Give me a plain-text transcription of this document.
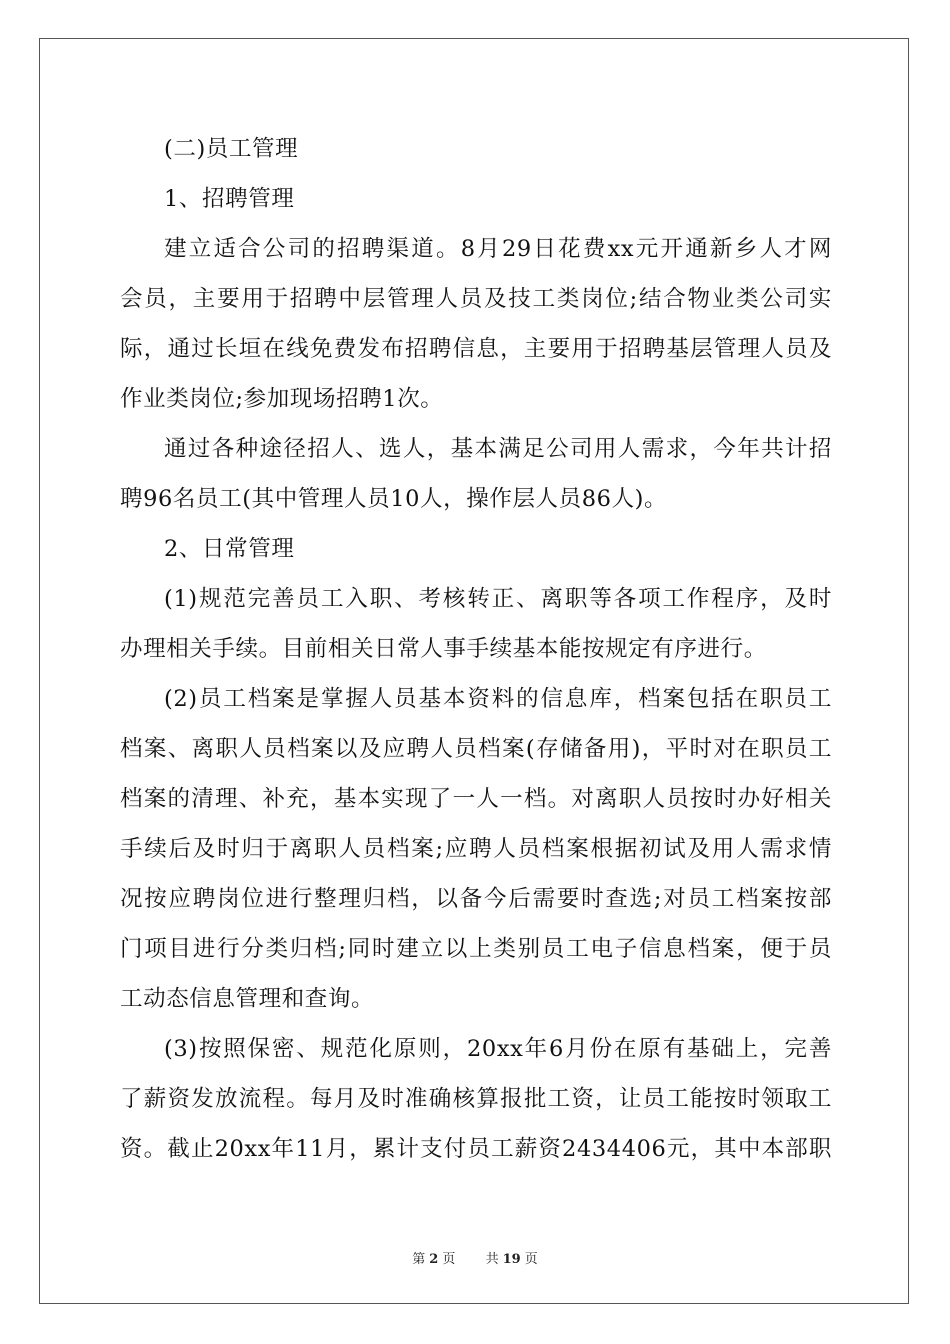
(二)员工管理
1、招聘管理
建立适合公司的招聘渠道。8月29日花费xx元开通新乡人才网
会员，主要用于招聘中层管理人员及技工类岗位;结合物业类公司实
际，通过长垣在线免费发布招聘信息，主要用于招聘基层管理人员及
作业类岗位;参加现场招聘1次。
通过各种途径招人、选人，基本满足公司用人需求，今年共计招
聘96名员工(其中管理人员10人，操作层人员86人)。
2、日常管理
(1)规范完善员工入职、考核转正、离职等各项工作程序，及时
办理相关手续。目前相关日常人事手续基本能按规定有序进行。
(2)员工档案是掌握人员基本资料的信息库，档案包括在职员工
档案、离职人员档案以及应聘人员档案(存储备用)，平时对在职员工
档案的清理、补充，基本实现了一人一档。对离职人员按时办好相关
手续后及时归于离职人员档案;应聘人员档案根据初试及用人需求情
况按应聘岗位进行整理归档，以备今后需要时查选;对员工档案按部
门项目进行分类归档;同时建立以上类别员工电子信息档案，便于员
工动态信息管理和查询。
(3)按照保密、规范化原则，20xx年6月份在原有基础上，完善
了薪资发放流程。每月及时准确核算报批工资，让员工能按时领取工
资。截止20xx年11月，累计支付员工薪资2434406元，其中本部职
第 2 页 共 19 页
